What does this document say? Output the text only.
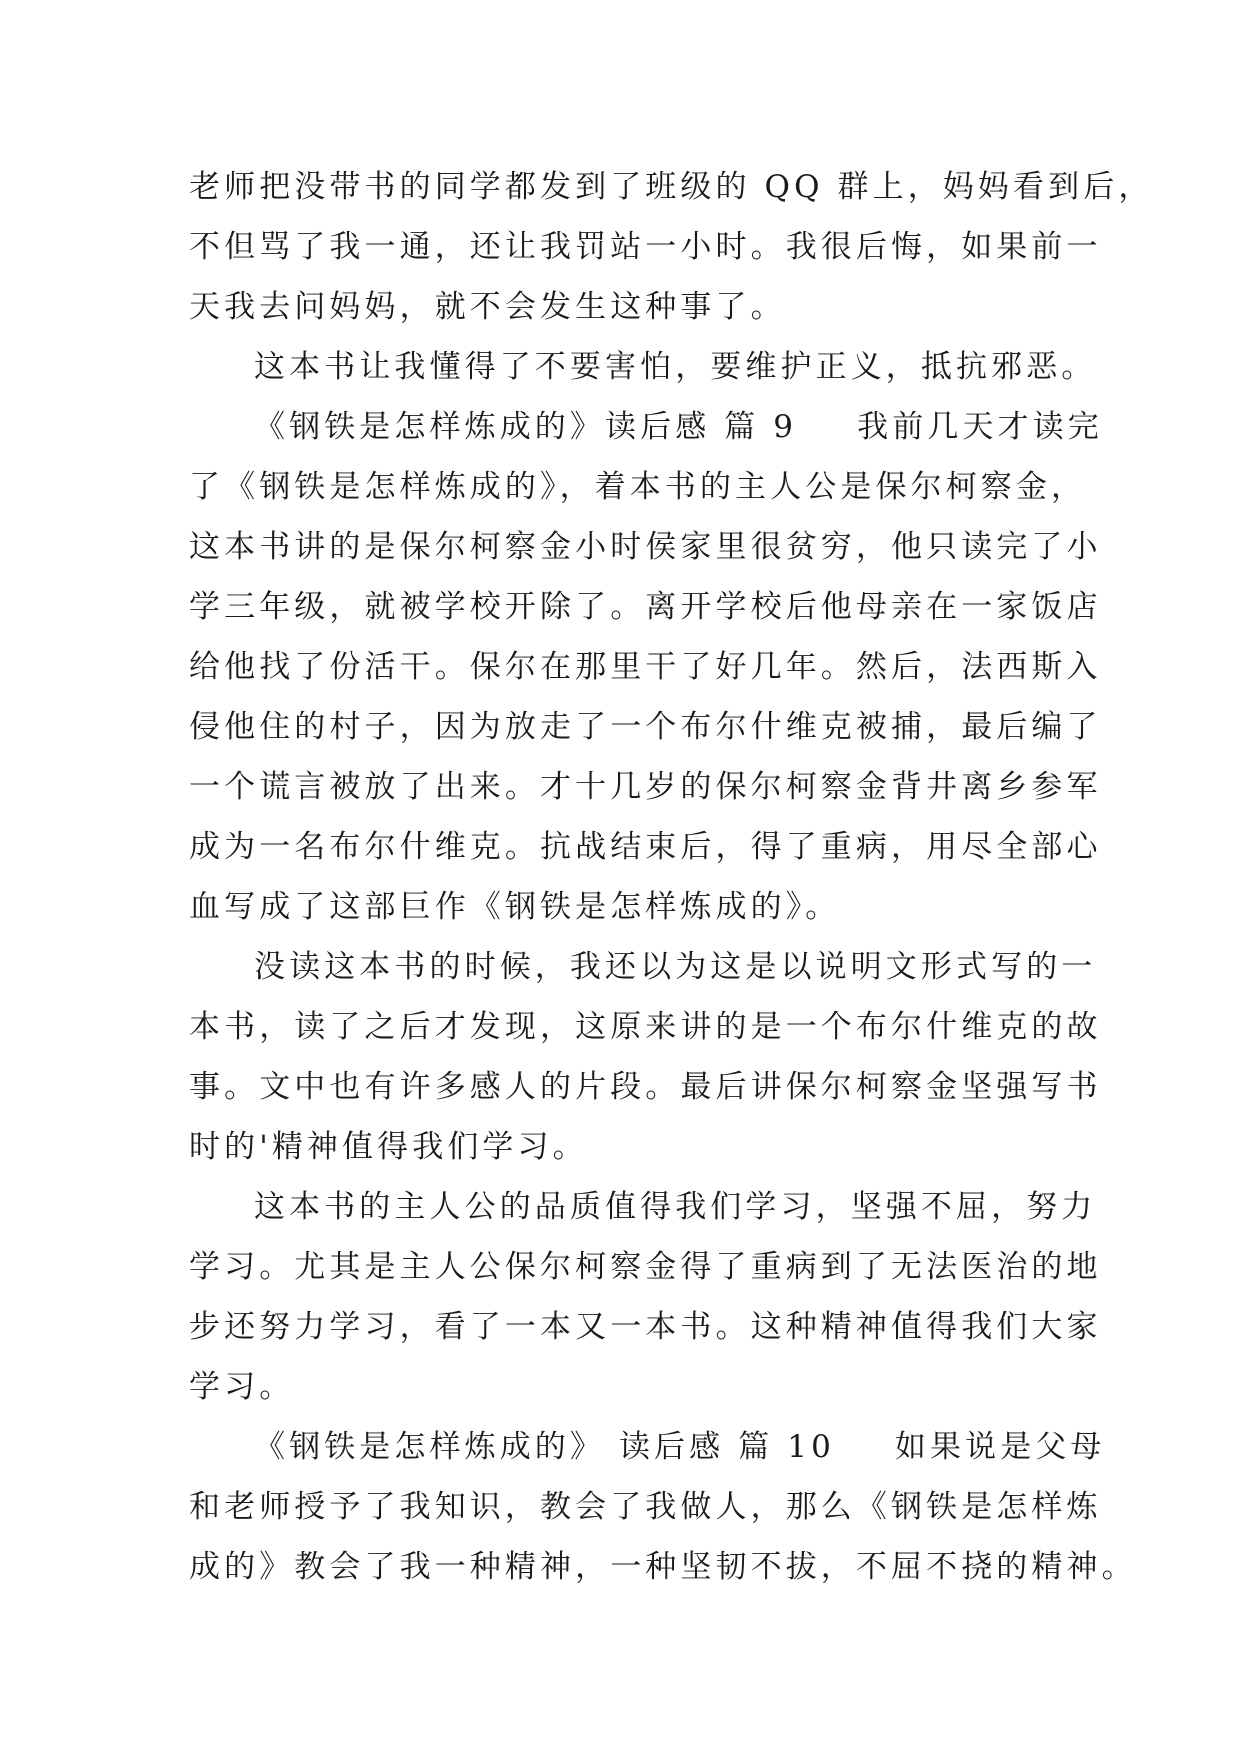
老师把没带书的同学都发到了班级的 QQ 群上，妈妈看到后，
不但骂了我一通，还让我罚站一小时。我很后悔，如果前一
天我去问妈妈，就不会发生这种事了。
这本书让我懂得了不要害怕，要维护正义，抵抗邪恶。
《钢铁是怎样炼成的》读后感 篇 9 我前几天才读完
了《钢铁是怎样炼成的》，着本书的主人公是保尔柯察金，
这本书讲的是保尔柯察金小时侯家里很贫穷，他只读完了小
学三年级，就被学校开除了。离开学校后他母亲在一家饭店
给他找了份活干。保尔在那里干了好几年。然后，法西斯入
侵他住的村子，因为放走了一个布尔什维克被捕，最后编了
一个谎言被放了出来。才十几岁的保尔柯察金背井离乡参军
成为一名布尔什维克。抗战结束后，得了重病，用尽全部心
血写成了这部巨作《钢铁是怎样炼成的》。
没读这本书的时候，我还以为这是以说明文形式写的一
本书，读了之后才发现，这原来讲的是一个布尔什维克的故
事。文中也有许多感人的片段。最后讲保尔柯察金坚强写书
时的'精神值得我们学习。
这本书的主人公的品质值得我们学习，坚强不屈，努力
学习。尤其是主人公保尔柯察金得了重病到了无法医治的地
步还努力学习，看了一本又一本书。这种精神值得我们大家
学习。
《钢铁是怎样炼成的》 读后感 篇 10 如果说是父母
和老师授予了我知识，教会了我做人，那么《钢铁是怎样炼
成的》教会了我一种精神，一种坚韧不拔，不屈不挠的精神。
